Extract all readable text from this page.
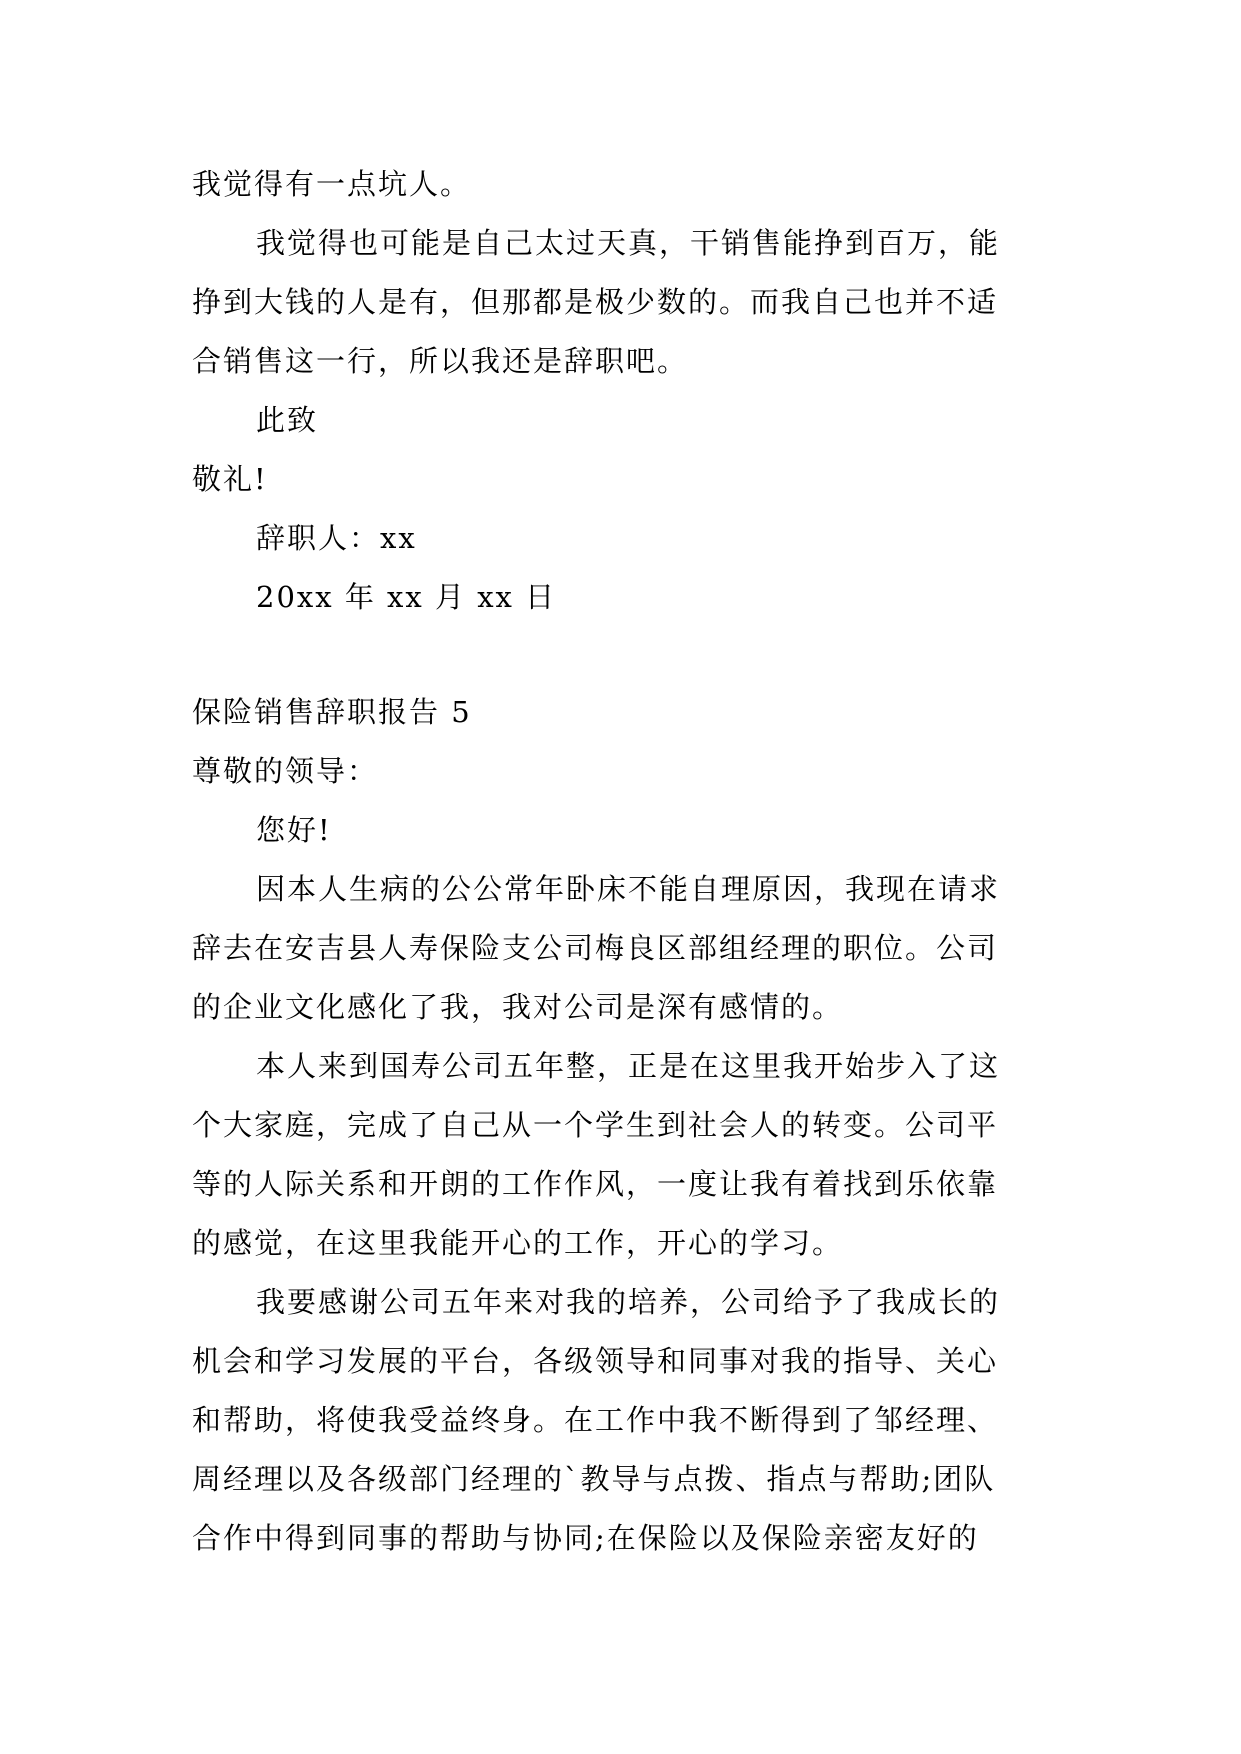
我觉得有一点坑人。
我觉得也可能是自己太过天真，干销售能挣到百万，能
挣到大钱的人是有，但那都是极少数的。而我自己也并不适
合销售这一行，所以我还是辞职吧。
此致
敬礼!
辞职人：xx
20xx 年 xx 月 xx 日
保险销售辞职报告 5
尊敬的领导：
您好!
因本人生病的公公常年卧床不能自理原因，我现在请求
辞去在安吉县人寿保险支公司梅良区部组经理的职位。公司
的企业文化感化了我，我对公司是深有感情的。
本人来到国寿公司五年整，正是在这里我开始步入了这
个大家庭，完成了自己从一个学生到社会人的转变。公司平
等的人际关系和开朗的工作作风，一度让我有着找到乐依靠
的感觉，在这里我能开心的工作，开心的学习。
我要感谢公司五年来对我的培养，公司给予了我成长的
机会和学习发展的平台，各级领导和同事对我的指导、关心
和帮助，将使我受益终身。在工作中我不断得到了邹经理、
周经理以及各级部门经理的`教导与点拨、指点与帮助;团队
合作中得到同事的帮助与协同;在保险以及保险亲密友好的
